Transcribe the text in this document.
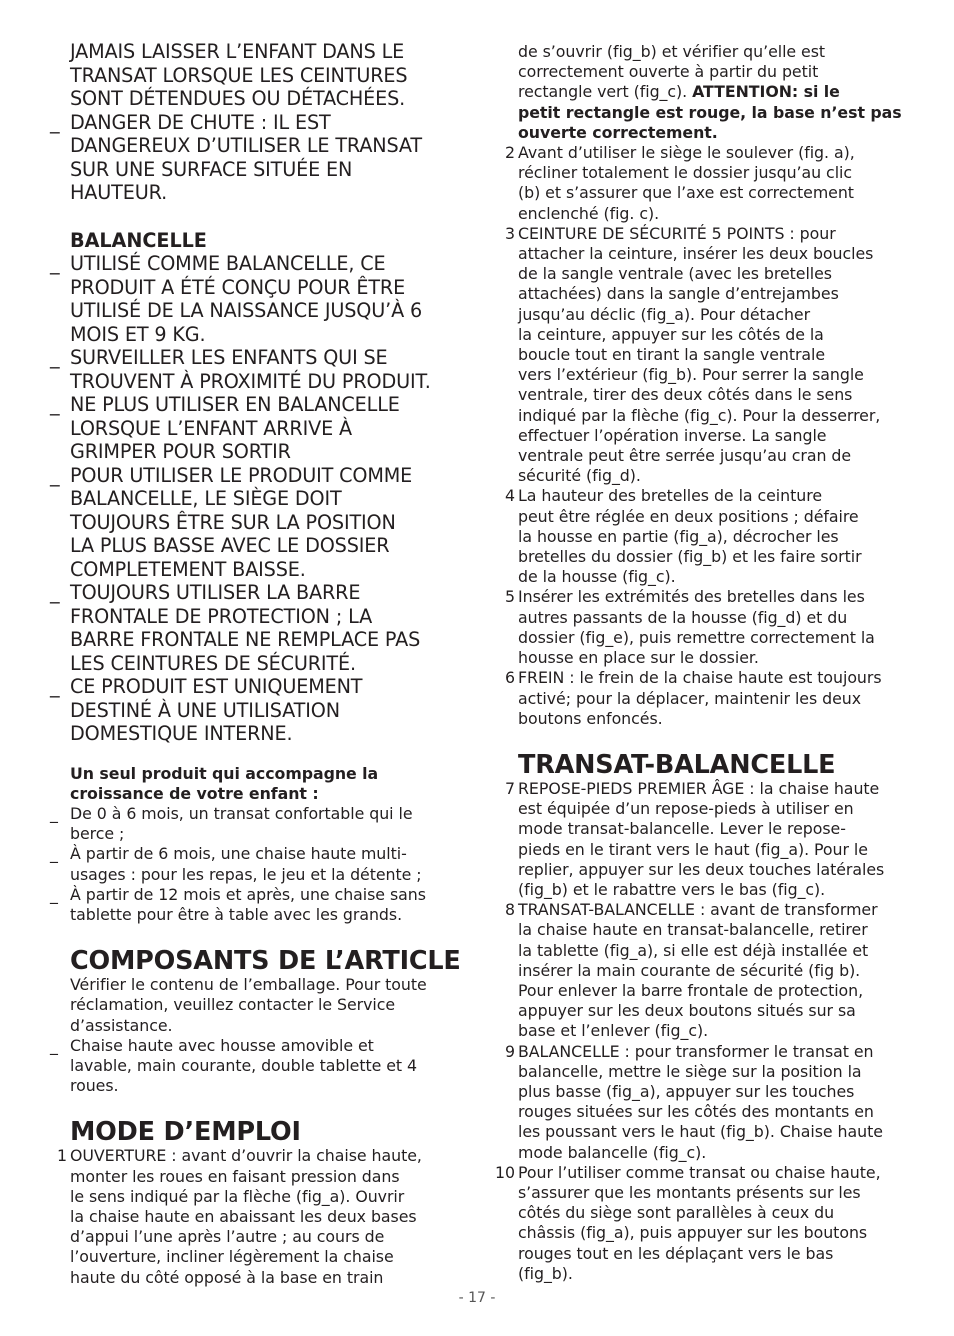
JAMAIS LAISSER L’ENFANT DANS LE
TRANSAT LORSQUE LES CEINTURES
SONT DÉTENDUES OU DÉTACHÉES.
_ DANGER DE CHUTE : IL EST
DANGEREUX D’UTILISER LE TRANSAT
SUR UNE SURFACE SITUÉE EN
HAUTEUR.
BALANCELLE
_ UTILISÉ COMME BALANCELLE, CE
PRODUIT A ÉTÉ CONÇU POUR ÊTRE
UTILISÉ DE LA NAISSANCE JUSQU’À 6
MOIS ET 9 KG.
_ SURVEILLER LES ENFANTS QUI SE
TROUVENT À PROXIMITÉ DU PRODUIT.
_ NE PLUS UTILISER EN BALANCELLE
LORSQUE L’ENFANT ARRIVE À
GRIMPER POUR SORTIR
_ POUR UTILISER LE PRODUIT COMME
BALANCELLE, LE SIÈGE DOIT
TOUJOURS ÊTRE SUR LA POSITION
LA PLUS BASSE AVEC LE DOSSIER
COMPLETEMENT BAISSE.
_ TOUJOURS UTILISER LA BARRE
FRONTALE DE PROTECTION ; LA
BARRE FRONTALE NE REMPLACE PAS
LES CEINTURES DE SÉCURITÉ.
_ CE PRODUIT EST UNIQUEMENT
DESTINÉ À UNE UTILISATION
DOMESTIQUE INTERNE.
Un seul produit qui accompagne la
croissance de votre enfant :
_ De 0 à 6 mois, un transat confortable qui le
berce ;
_ À partir de 6 mois, une chaise haute multi-
usages : pour les repas, le jeu et la détente ;
_ À partir de 12 mois et après, une chaise sans
tablette pour être à table avec les grands.
COMPOSANTS DE L’ARTICLE
Vérifier le contenu de l’emballage. Pour toute
réclamation, veuillez contacter le Service
d’assistance.
_ Chaise haute avec housse amovible et
lavable, main courante, double tablette et 4
roues.
MODE D’EMPLOI
1 OUVERTURE : avant d’ouvrir la chaise haute,
monter les roues en faisant pression dans
le sens indiqué par la flèche (fig_a). Ouvrir
la chaise haute en abaissant les deux bases
d’appui l’une après l’autre ; au cours de
l’ouverture, incliner légèrement la chaise
haute du côté opposé à la base en train
de s’ouvrir (fig_b) et vérifier qu’elle est
correctement ouverte à partir du petit
rectangle vert (fig_c). ATTENTION: si le
petit rectangle est rouge, la base n’est pas
ouverte correctement.
2 Avant d’utiliser le siège le soulever (fig. a),
récliner totalement le dossier jusqu’au clic
(b) et s’assurer que l’axe est correctement
enclenché (fig. c).
3 CEINTURE DE SÉCURITÉ 5 POINTS : pour
attacher la ceinture, insérer les deux boucles
de la sangle ventrale (avec les bretelles
attachées) dans la sangle d’entrejambes
jusqu’au déclic (fig_a). Pour détacher
la ceinture, appuyer sur les côtés de la
boucle tout en tirant la sangle ventrale
vers l’extérieur (fig_b). Pour serrer la sangle
ventrale, tirer des deux côtés dans le sens
indiqué par la flèche (fig_c). Pour la desserrer,
effectuer l’opération inverse. La sangle
ventrale peut être serrée jusqu’au cran de
sécurité (fig_d).
4 La hauteur des bretelles de la ceinture
peut être réglée en deux positions ; défaire
la housse en partie (fig_a), décrocher les
bretelles du dossier (fig_b) et les faire sortir
de la housse (fig_c).
5 Insérer les extrémités des bretelles dans les
autres passants de la housse (fig_d) et du
dossier (fig_e), puis remettre correctement la
housse en place sur le dossier.
6 FREIN : le frein de la chaise haute est toujours
activé; pour la déplacer, maintenir les deux
boutons enfoncés.
TRANSAT-BALANCELLE
7 REPOSE-PIEDS PREMIER ÂGE : la chaise haute
est équipée d’un repose-pieds à utiliser en
mode transat-balancelle. Lever le repose-
pieds en le tirant vers le haut (fig_a). Pour le
replier, appuyer sur les deux touches latérales
(fig_b) et le rabattre vers le bas (fig_c).
8 TRANSAT-BALANCELLE : avant de transformer
la chaise haute en transat-balancelle, retirer
la tablette (fig_a), si elle est déjà installée et
insérer la main courante de sécurité (fig b).
Pour enlever la barre frontale de protection,
appuyer sur les deux boutons situés sur sa
base et l’enlever (fig_c).
9 BALANCELLE : pour transformer le transat en
balancelle, mettre le siège sur la position la
plus basse (fig_a), appuyer sur les touches
rouges situées sur les côtés des montants en
les poussant vers le haut (fig_b). Chaise haute
mode balancelle (fig_c).
10 Pour l’utiliser comme transat ou chaise haute,
s’assurer que les montants présents sur les
côtés du siège sont parallèles à ceux du
châssis (fig_a), puis appuyer sur les boutons
rouges tout en les déplaçant vers le bas
(fig_b).
- 17 -
